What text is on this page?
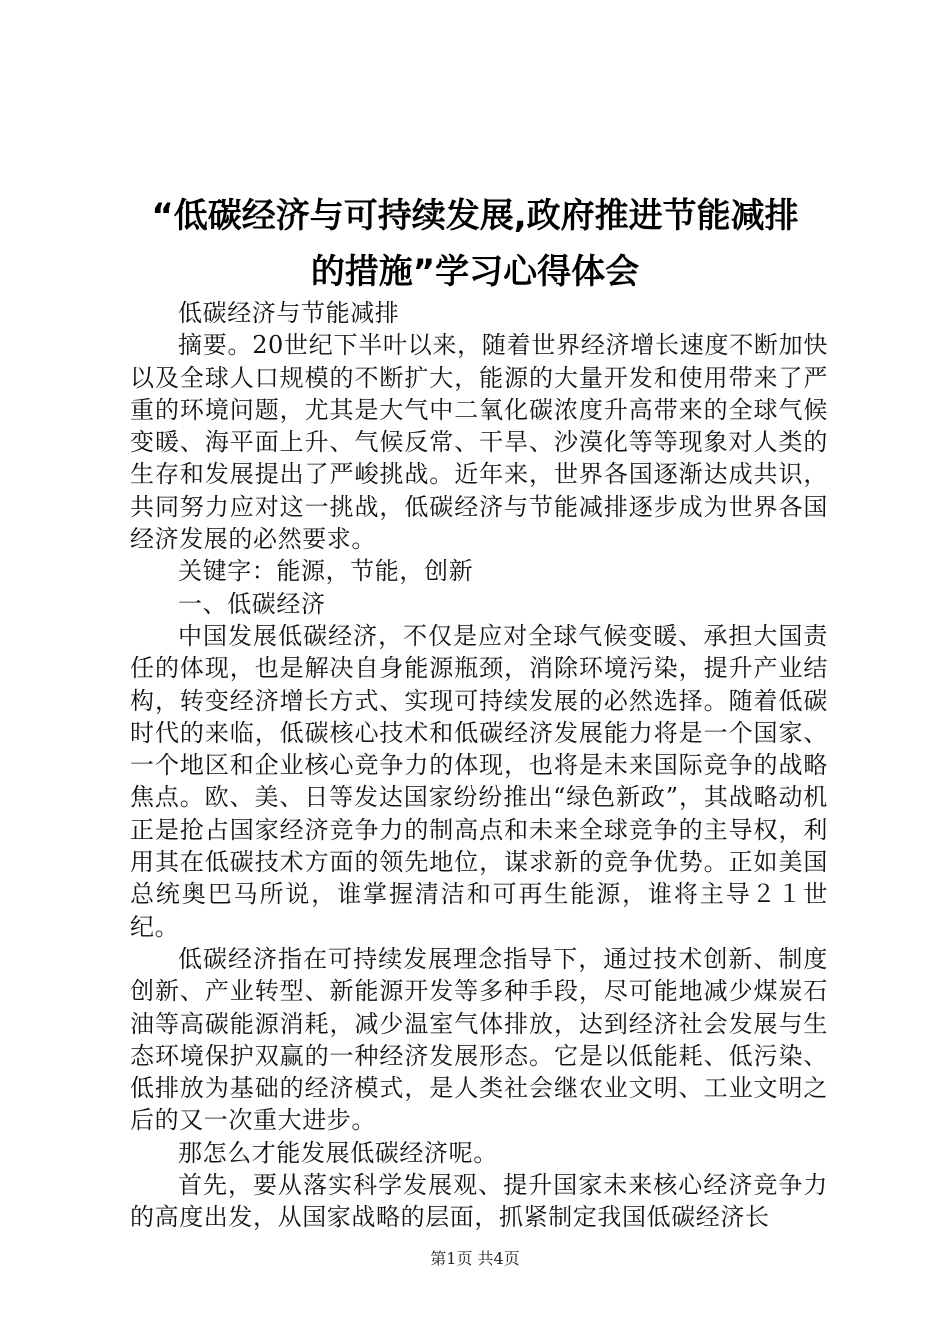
“低碳经济与可持续发展,政府推进节能减排
的措施”学习心得体会

低碳经济与节能减排

摘要。20世纪下半叶以来，随着世界经济增长速度不断加快以及全球人口规模的不断扩大，能源的大量开发和使用带来了严重的环境问题，尤其是大气中二氧化碳浓度升高带来的全球气候变暖、海平面上升、气候反常、干旱、沙漠化等等现象对人类的生存和发展提出了严峻挑战。近年来，世界各国逐渐达成共识，共同努力应对这一挑战，低碳经济与节能减排逐步成为世界各国经济发展的必然要求。

关键字：能源，节能，创新

一、低碳经济

中国发展低碳经济，不仅是应对全球气候变暖、承担大国责任的体现，也是解决自身能源瓶颈，消除环境污染，提升产业结构，转变经济增长方式、实现可持续发展的必然选择。随着低碳时代的来临，低碳核心技术和低碳经济发展能力将是一个国家、一个地区和企业核心竞争力的体现，也将是未来国际竞争的战略焦点。欧、美、日等发达国家纷纷推出“绿色新政”，其战略动机正是抢占国家经济竞争力的制高点和未来全球竞争的主导权，利用其在低碳技术方面的领先地位，谋求新的竞争优势。正如美国总统奥巴马所说，谁掌握清洁和可再生能源，谁将主导２１世纪。

低碳经济指在可持续发展理念指导下，通过技术创新、制度创新、产业转型、新能源开发等多种手段，尽可能地减少煤炭石油等高碳能源消耗，减少温室气体排放，达到经济社会发展与生态环境保护双赢的一种经济发展形态。它是以低能耗、低污染、低排放为基础的经济模式，是人类社会继农业文明、工业文明之后的又一次重大进步。

那怎么才能发展低碳经济呢。

首先，要从落实科学发展观、提升国家未来核心经济竞争力的高度出发，从国家战略的层面，抓紧制定我国低碳经济长

第1页 共4页
